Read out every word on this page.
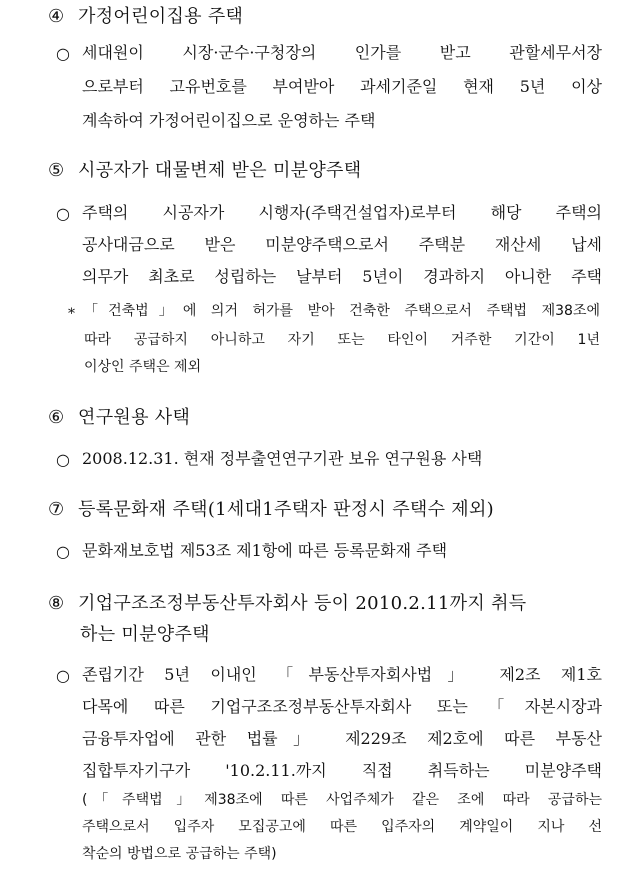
④ 가정어린이집용 주택
○ 세대원이 시장·군수·구청장의 인가를 받고 관할세무서장
으로부터 고유번호를 부여받아 과세기준일 현재 5년 이상
계속하여 가정어린이집으로 운영하는 주택
⑤ 시공자가 대물변제 받은 미분양주택
○ 주택의 시공자가 시행자(주택건설업자)로부터 해당 주택의
공사대금으로 받은 미분양주택으로서 주택분 재산세 납세
의무가 최초로 성립하는 날부터 5년이 경과하지 아니한 주택
* 「건축법」에 의거 허가를 받아 건축한 주택으로서 주택법 제38조에
따라 공급하지 아니하고 자기 또는 타인이 거주한 기간이 1년
이상인 주택은 제외
⑥ 연구원용 사택
○ 2008.12.31. 현재 정부출연연구기관 보유 연구원용 사택
⑦ 등록문화재 주택(1세대1주택자 판정시 주택수 제외)
○ 문화재보호법 제53조 제1항에 따른 등록문화재 주택
⑧ 기업구조조정부동산투자회사 등이 2010.2.11까지 취득
하는 미분양주택
○ 존립기간 5년 이내인 「부동산투자회사법」 제2조 제1호
다목에 따른 기업구조조정부동산투자회사 또는「자본시장과
금융투자업에 관한 법률」 제229조 제2호에 따른 부동산
집합투자기구가 '10.2.11.까지 직접 취득하는 미분양주택
(「주택법」제38조에 따른 사업주체가 같은 조에 따라 공급하는
주택으로서 입주자 모집공고에 따른 입주자의 계약일이 지나 선
착순의 방법으로 공급하는 주택)
